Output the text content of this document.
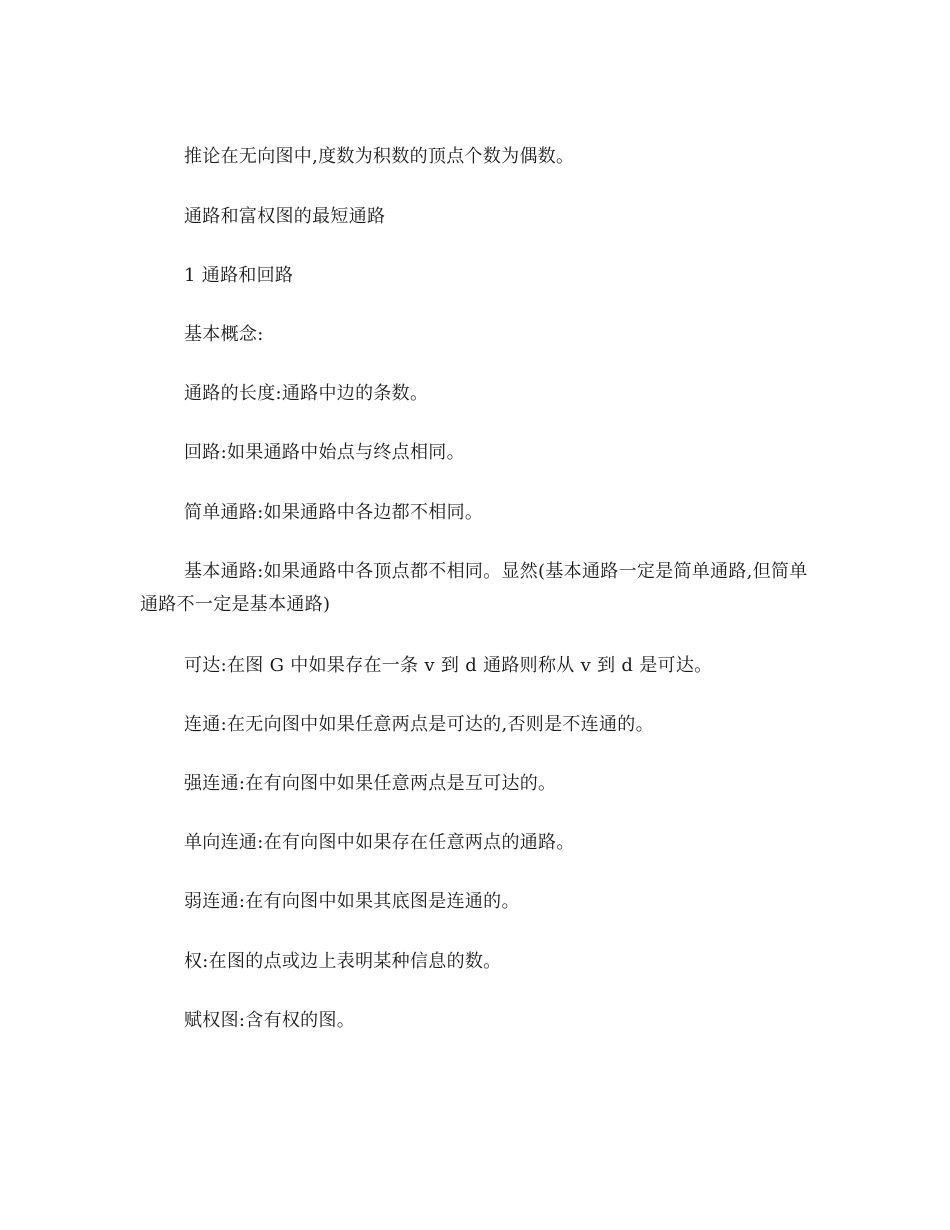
推论在无向图中,度数为积数的顶点个数为偶数。

通路和富权图的最短通路

1 通路和回路

基本概念:

通路的长度:通路中边的条数。

回路:如果通路中始点与终点相同。

简单通路:如果通路中各边都不相同。

基本通路:如果通路中各顶点都不相同。显然(基本通路一定是简单通路,但简单通路不一定是基本通路)

可达:在图 G 中如果存在一条 v 到 d 通路则称从 v 到 d 是可达。

连通:在无向图中如果任意两点是可达的,否则是不连通的。

强连通:在有向图中如果任意两点是互可达的。

单向连通:在有向图中如果存在任意两点的通路。

弱连通:在有向图中如果其底图是连通的。

权:在图的点或边上表明某种信息的数。

赋权图:含有权的图。
